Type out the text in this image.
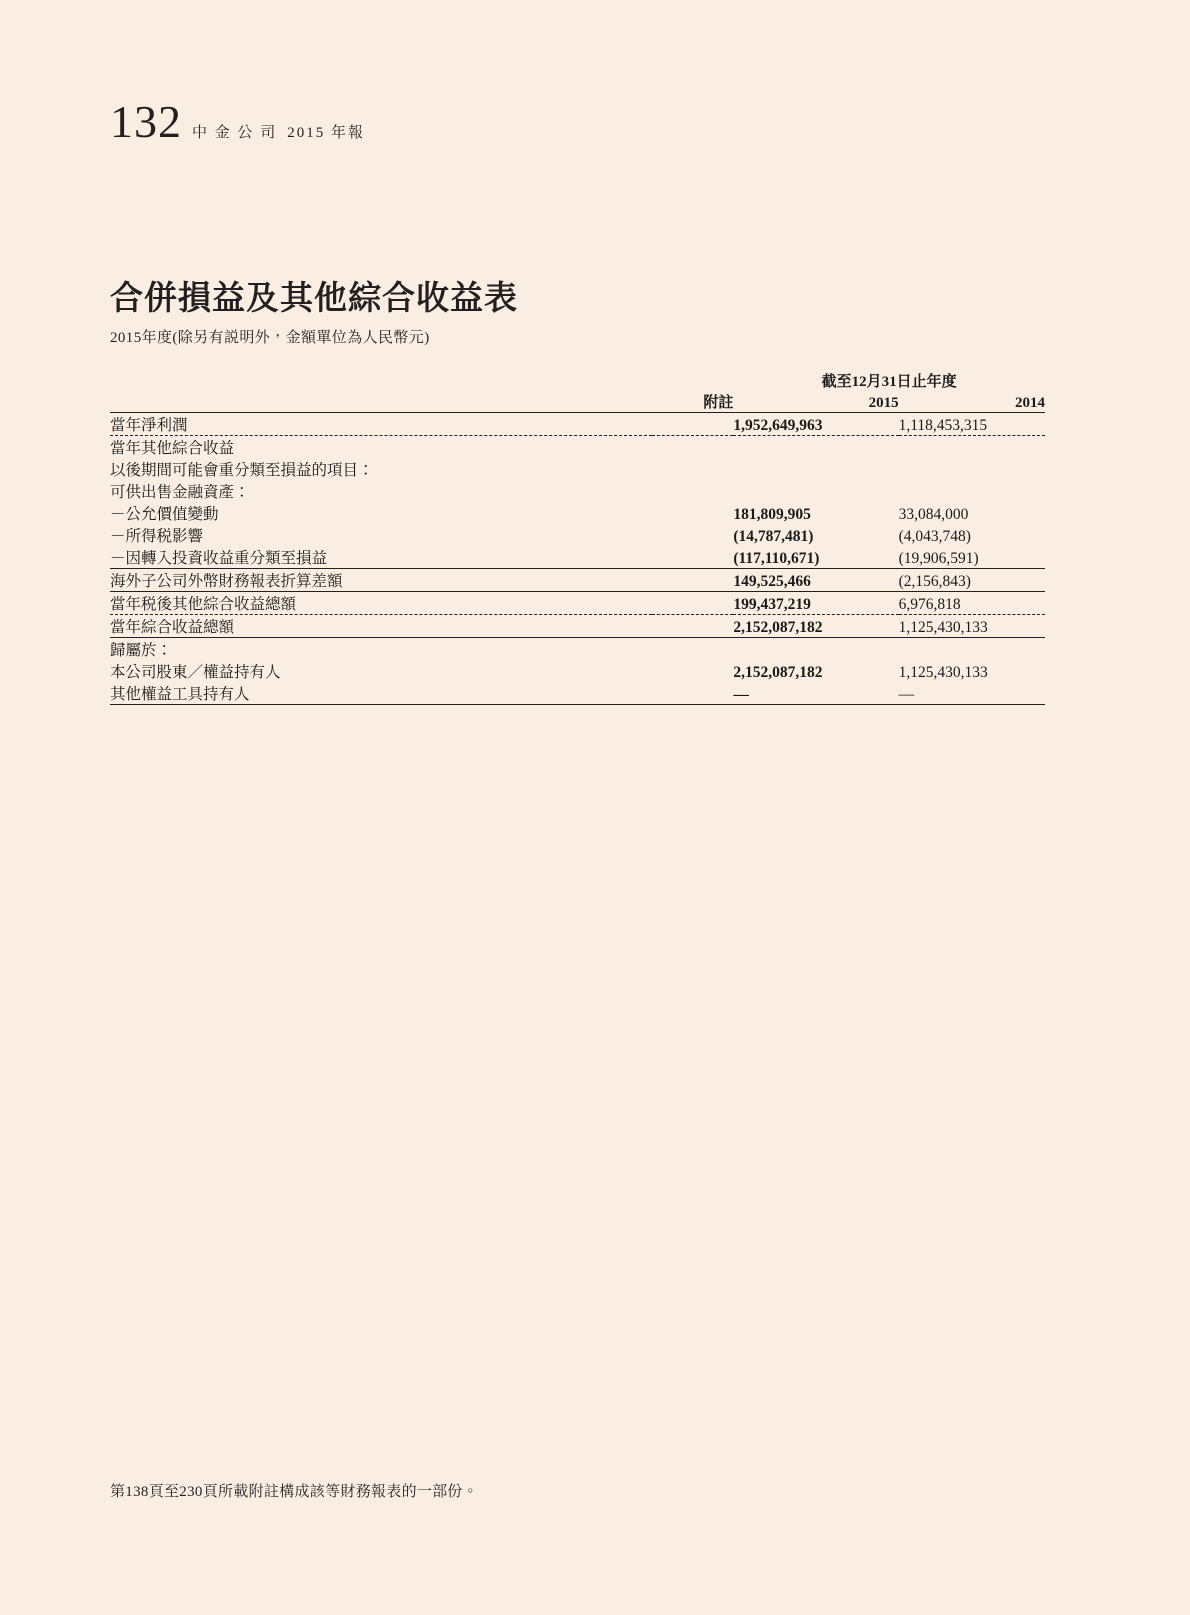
132 中 金 公 司 2015 年報
合併損益及其他綜合收益表
2015年度(除另有説明外，金額單位為人民幣元)
		截至12月31日止年度	
	附註	2015	2014
當年淨利潤		1,952,649,963	1,118,453,315
當年其他綜合收益			
以後期間可能會重分類至損益的項目：			
可供出售金融資產：			
－公允價值變動		181,809,905	33,084,000
－所得税影響		(14,787,481)	(4,043,748)
－因轉入投資收益重分類至損益		(117,110,671)	(19,906,591)
海外子公司外幣財務報表折算差額		149,525,466	(2,156,843)
當年税後其他綜合收益總額		199,437,219	6,976,818
當年綜合收益總額		2,152,087,182	1,125,430,133
歸屬於：			
本公司股東／權益持有人		2,152,087,182	1,125,430,133
其他權益工具持有人		—	—
第138頁至230頁所載附註構成該等財務報表的一部份。
